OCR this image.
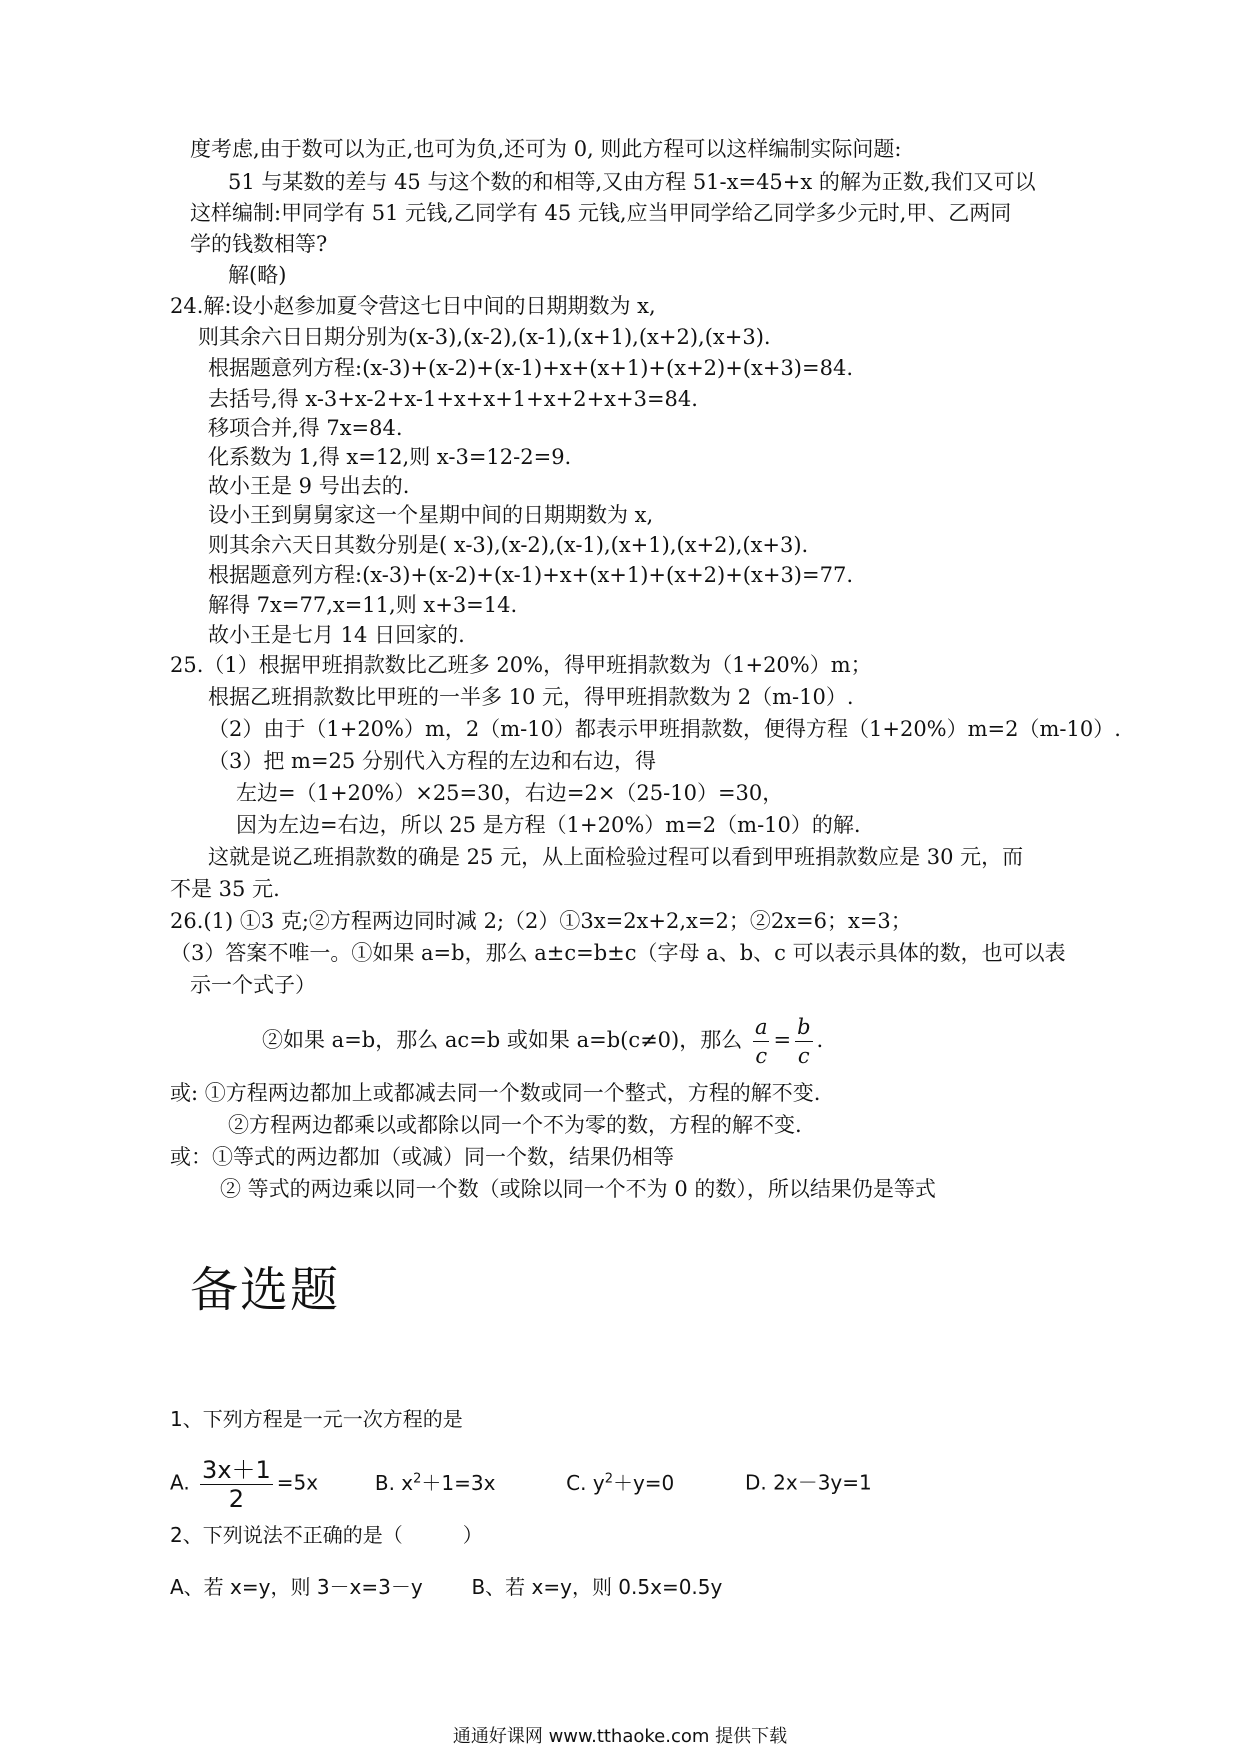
度考虑,由于数可以为正,也可为负,还可为 0, 则此方程可以这样编制实际问题:
51 与某数的差与 45 与这个数的和相等,又由方程 51-x=45+x 的解为正数,我们又可以
这样编制:甲同学有 51 元钱,乙同学有 45 元钱,应当甲同学给乙同学多少元时,甲、乙两同
学的钱数相等?
解(略)
24.解:设小赵参加夏令营这七日中间的日期期数为 x,
则其余六日日期分别为(x-3),(x-2),(x-1),(x+1),(x+2),(x+3).
根据题意列方程:(x-3)+(x-2)+(x-1)+x+(x+1)+(x+2)+(x+3)=84.
去括号,得 x-3+x-2+x-1+x+x+1+x+2+x+3=84.
移项合并,得 7x=84.
化系数为 1,得 x=12,则 x-3=12-2=9.
故小王是 9 号出去的.
设小王到舅舅家这一个星期中间的日期期数为 x,
则其余六天日其数分别是( x-3),(x-2),(x-1),(x+1),(x+2),(x+3).
根据题意列方程:(x-3)+(x-2)+(x-1)+x+(x+1)+(x+2)+(x+3)=77.
解得 7x=77,x=11,则 x+3=14.
故小王是七月 14 日回家的.
25.（1）根据甲班捐款数比乙班多 20%，得甲班捐款数为（1+20%）m；
根据乙班捐款数比甲班的一半多 10 元，得甲班捐款数为 2（m-10）.
（2）由于（1+20%）m，2（m-10）都表示甲班捐款数，便得方程（1+20%）m=2（m-10）.
（3）把 m=25 分别代入方程的左边和右边，得
左边=（1+20%）×25=30，右边=2×（25-10）=30，
因为左边=右边，所以 25 是方程（1+20%）m=2（m-10）的解.
这就是说乙班捐款数的确是 25 元，从上面检验过程可以看到甲班捐款数应是 30 元，而
不是 35 元.
26.(1) ①3 克;②方程两边同时减 2;（2）①3x=2x+2,x=2；②2x=6；x=3；
（3）答案不唯一。①如果 a=b，那么 a±c=b±c（字母 a、b、c 可以表示具体的数，也可以表
示一个式子）
②如果 a=b，那么 ac=b 或如果 a=b(c≠0)，那么 $\frac{a}{c} = \frac{b}{c}$ .
或: ①方程两边都加上或都减去同一个数或同一个整式，方程的解不变.
②方程两边都乘以或都除以同一个不为零的数，方程的解不变.
或：①等式的两边都加（或减）同一个数，结果仍相等
② 等式的两边乘以同一个数（或除以同一个不为 0 的数），所以结果仍是等式
备选题
1、下列方程是一元一次方程的是
A. $\frac{3x+1}{2} =5x$	B. $x^2+1=3x$	C. $y^2+y=0$	D. 2x－3y=1
2、下列说法不正确的是（　　　）
A、若 x=y，则 3－x=3－y B、若 x=y，则 0.5x=0.5y
通通好课网 www.tthaoke.com 提供下载
